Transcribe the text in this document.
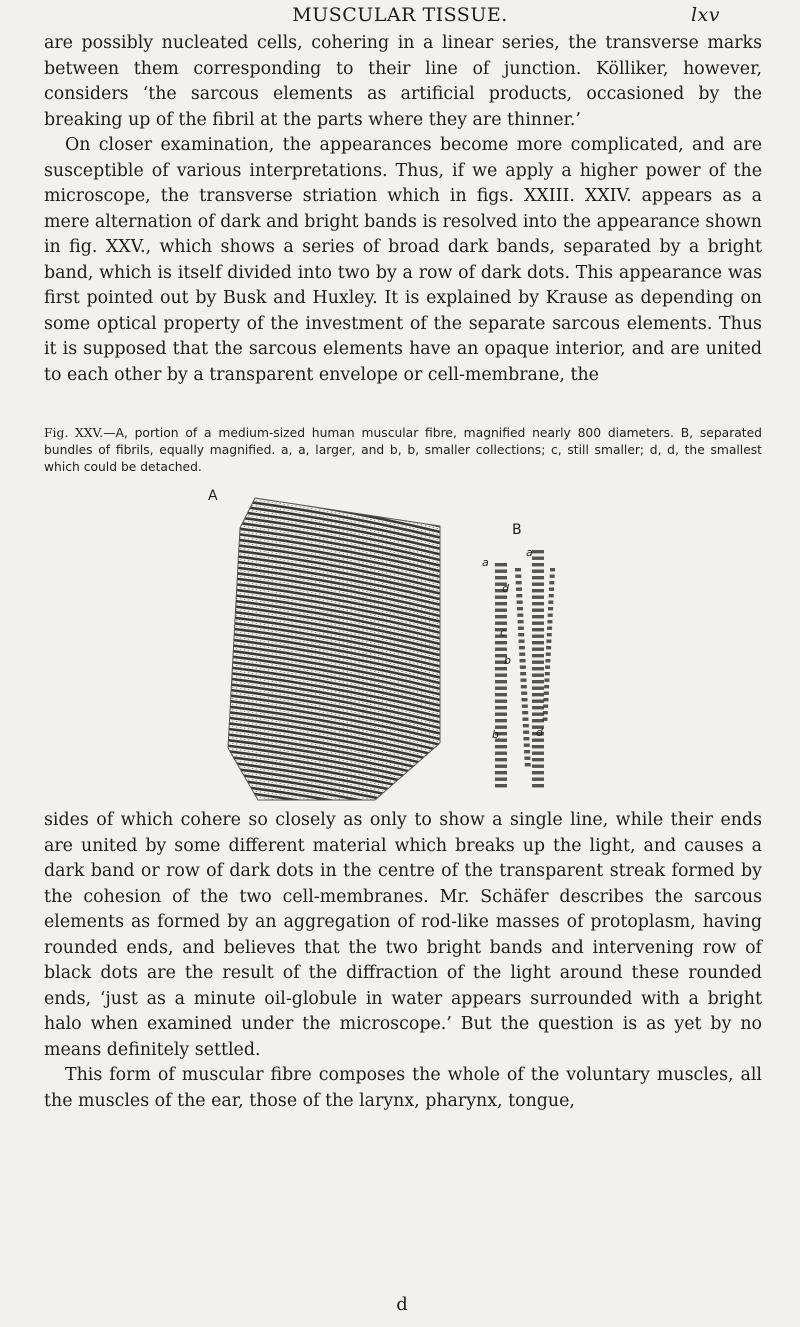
MUSCULAR TISSUE.	lxv

are possibly nucleated cells, cohering in a linear series, the transverse marks between them corresponding to their line of junction. Kölliker, however, considers ‘the sarcous elements as artificial products, occasioned by the breaking up of the fibril at the parts where they are thinner.’

On closer examination, the appearances become more complicated, and are susceptible of various interpretations. Thus, if we apply a higher power of the microscope, the transverse striation which in figs. XXIII. XXIV. appears as a mere alternation of dark and bright bands is resolved into the appearance shown in fig. XXV., which shows a series of broad dark bands, separated by a bright band, which is itself divided into two by a row of dark dots. This appearance was first pointed out by Busk and Huxley. It is explained by Krause as depending on some optical property of the investment of the separate sarcous elements. Thus it is supposed that the sarcous elements have an opaque interior, and are united to each other by a transparent envelope or cell-membrane, the

Fig. XXV.—A, portion of a medium-sized human muscular fibre, magnified nearly 800 diameters. B, separated bundles of fibrils, equally magnified. a, a, larger, and b, b, smaller collections; c, still smaller; d, d, the smallest which could be detached.
A
B
a
a
d
c
b
b	d

sides of which cohere so closely as only to show a single line, while their ends are united by some different material which breaks up the light, and causes a dark band or row of dark dots in the centre of the transparent streak formed by the cohesion of the two cell-membranes. Mr. Schäfer describes the sarcous elements as formed by an aggregation of rod-like masses of protoplasm, having rounded ends, and believes that the two bright bands and intervening row of black dots are the result of the diffraction of the light around these rounded ends, ‘just as a minute oil-globule in water appears surrounded with a bright halo when examined under the microscope.’ But the question is as yet by no means definitely settled.

This form of muscular fibre composes the whole of the voluntary muscles, all the muscles of the ear, those of the larynx, pharynx, tongue,

d
